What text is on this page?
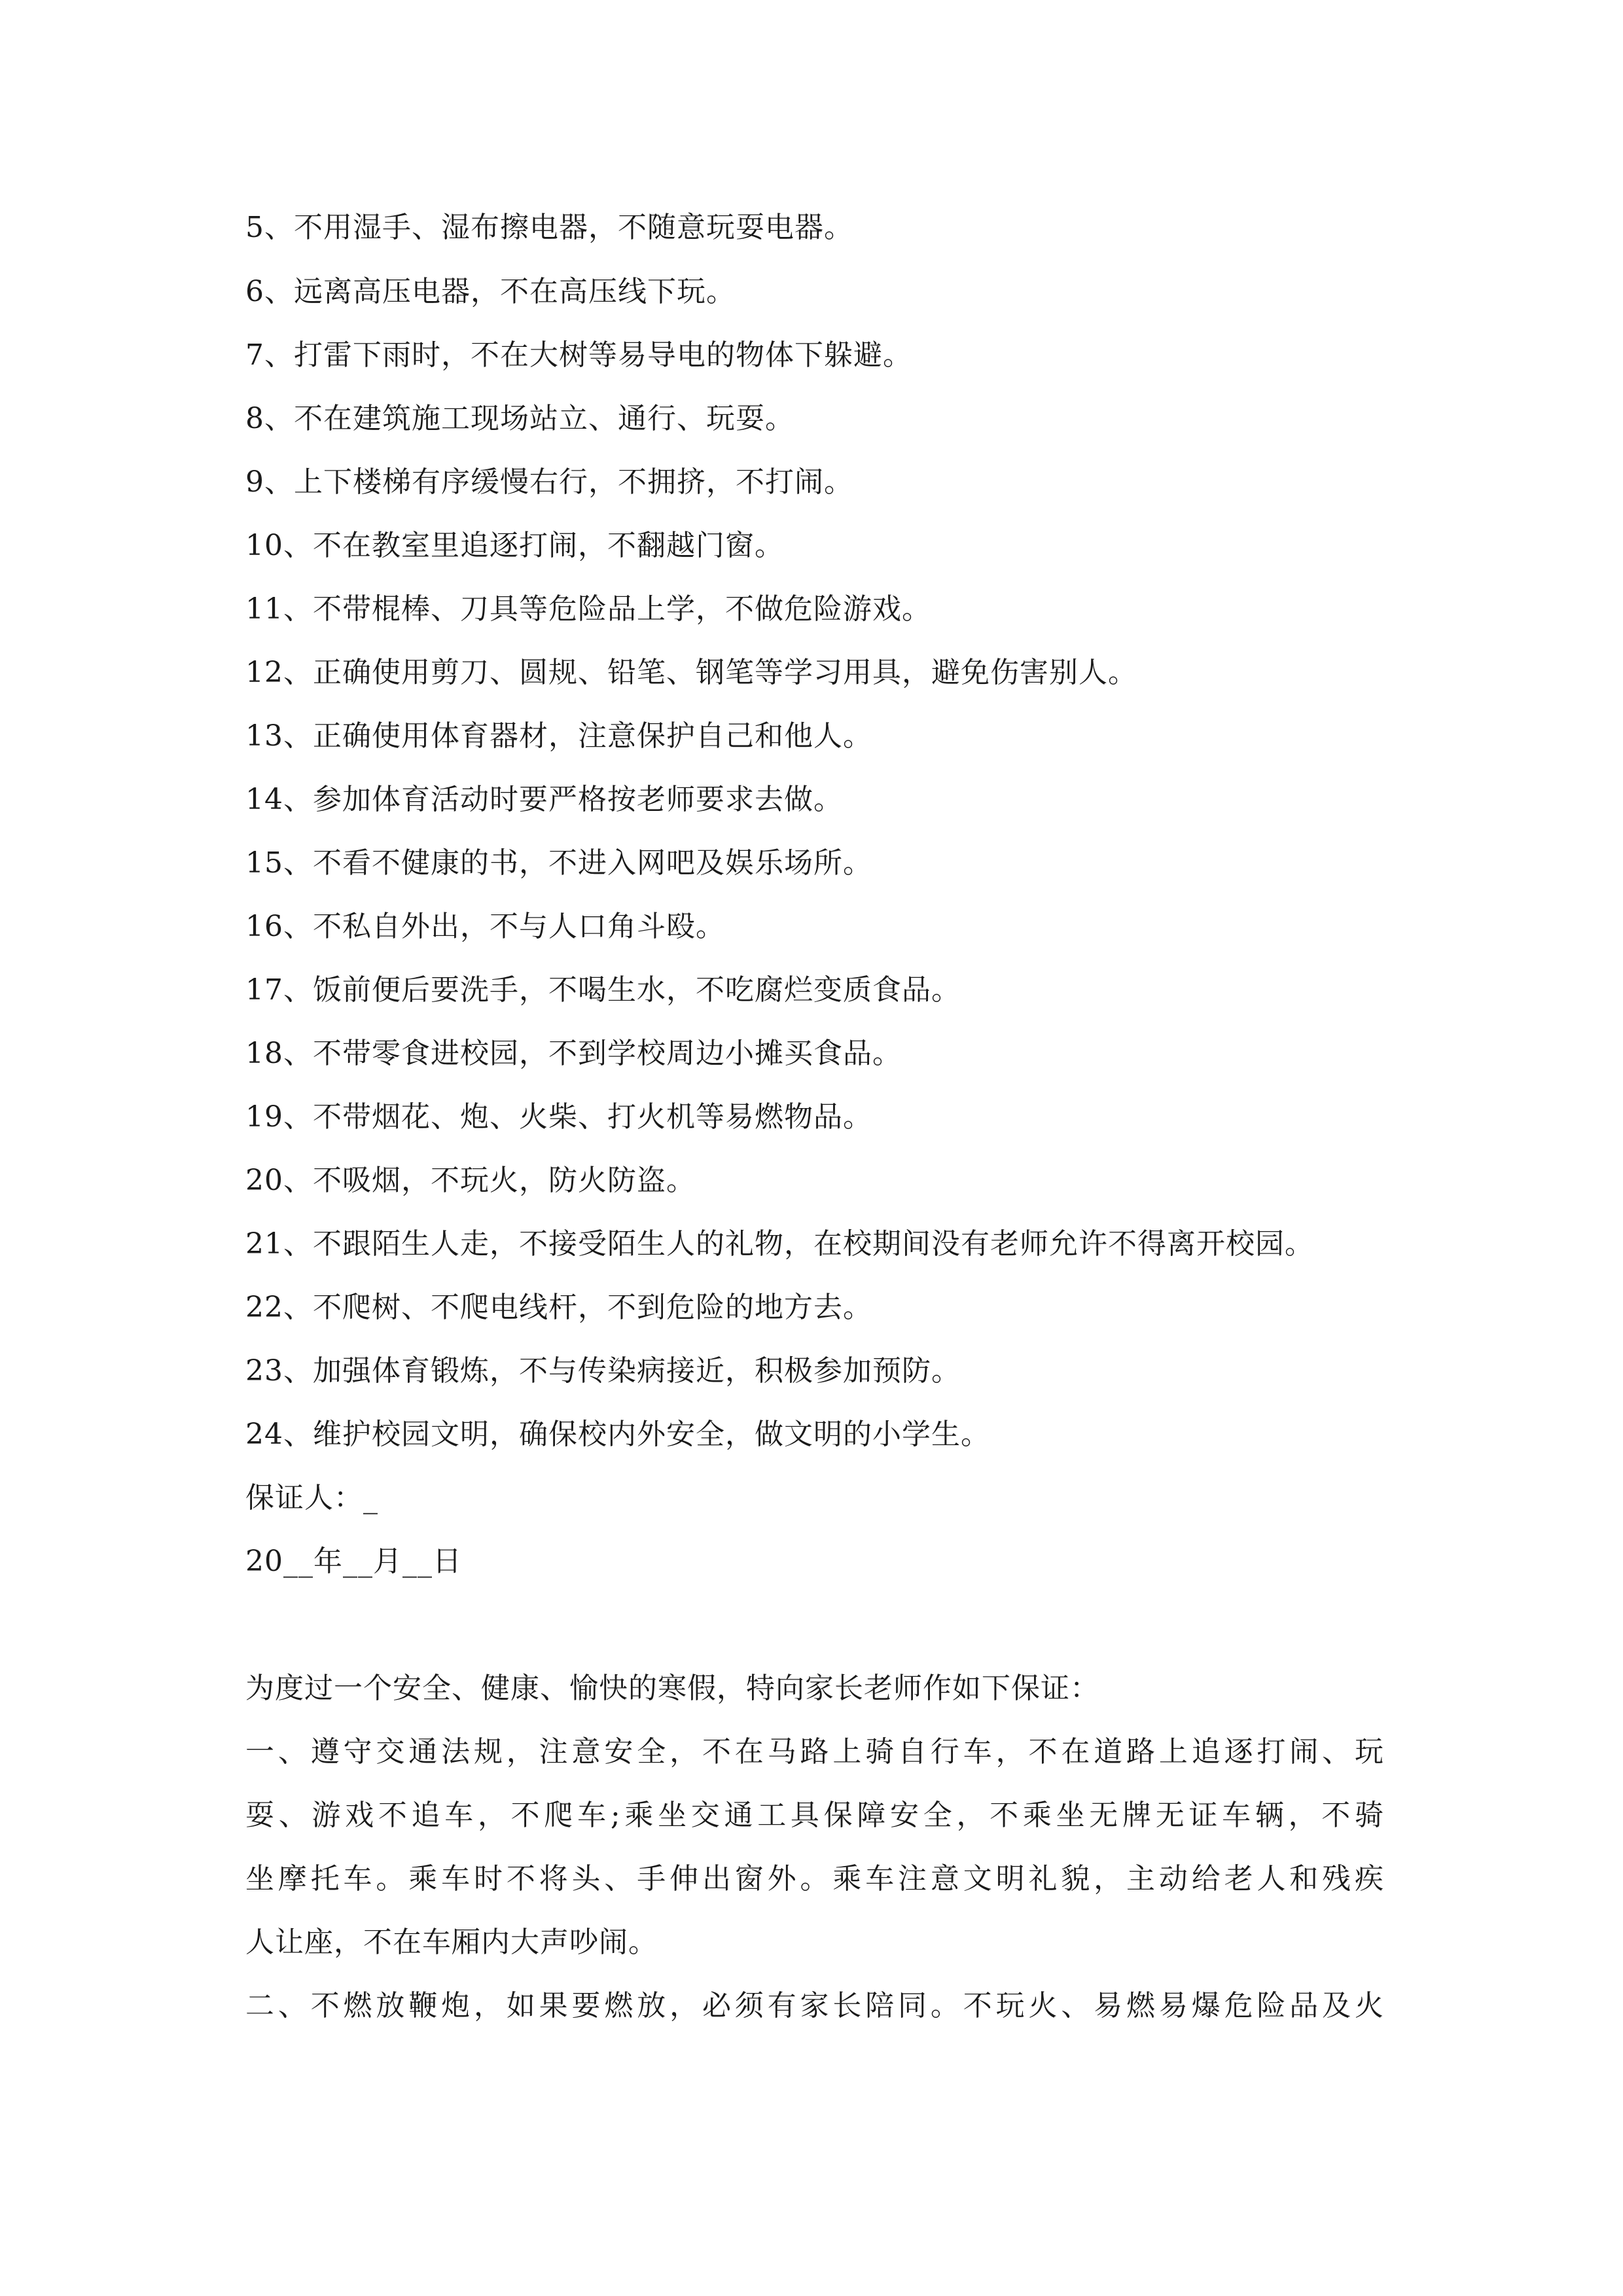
5、不用湿手、湿布擦电器，不随意玩耍电器。
6、远离高压电器，不在高压线下玩。
7、打雷下雨时，不在大树等易导电的物体下躲避。
8、不在建筑施工现场站立、通行、玩耍。
9、上下楼梯有序缓慢右行，不拥挤，不打闹。
10、不在教室里追逐打闹，不翻越门窗。
11、不带棍棒、刀具等危险品上学，不做危险游戏。
12、正确使用剪刀、圆规、铅笔、钢笔等学习用具，避免伤害别人。
13、正确使用体育器材，注意保护自己和他人。
14、参加体育活动时要严格按老师要求去做。
15、不看不健康的书，不进入网吧及娱乐场所。
16、不私自外出，不与人口角斗殴。
17、饭前便后要洗手，不喝生水，不吃腐烂变质食品。
18、不带零食进校园，不到学校周边小摊买食品。
19、不带烟花、炮、火柴、打火机等易燃物品。
20、不吸烟，不玩火，防火防盗。
21、不跟陌生人走，不接受陌生人的礼物，在校期间没有老师允许不得离开校园。
22、不爬树、不爬电线杆，不到危险的地方去。
23、加强体育锻炼，不与传染病接近，积极参加预防。
24、维护校园文明，确保校内外安全，做文明的小学生。
保证人：_
20__年__月__日
为度过一个安全、健康、愉快的寒假，特向家长老师作如下保证：
一、遵守交通法规，注意安全，不在马路上骑自行车，不在道路上追逐打闹、玩
耍、游戏不追车，不爬车;乘坐交通工具保障安全，不乘坐无牌无证车辆，不骑
坐摩托车。乘车时不将头、手伸出窗外。乘车注意文明礼貌，主动给老人和残疾
人让座，不在车厢内大声吵闹。
二、不燃放鞭炮，如果要燃放，必须有家长陪同。不玩火、易燃易爆危险品及火
